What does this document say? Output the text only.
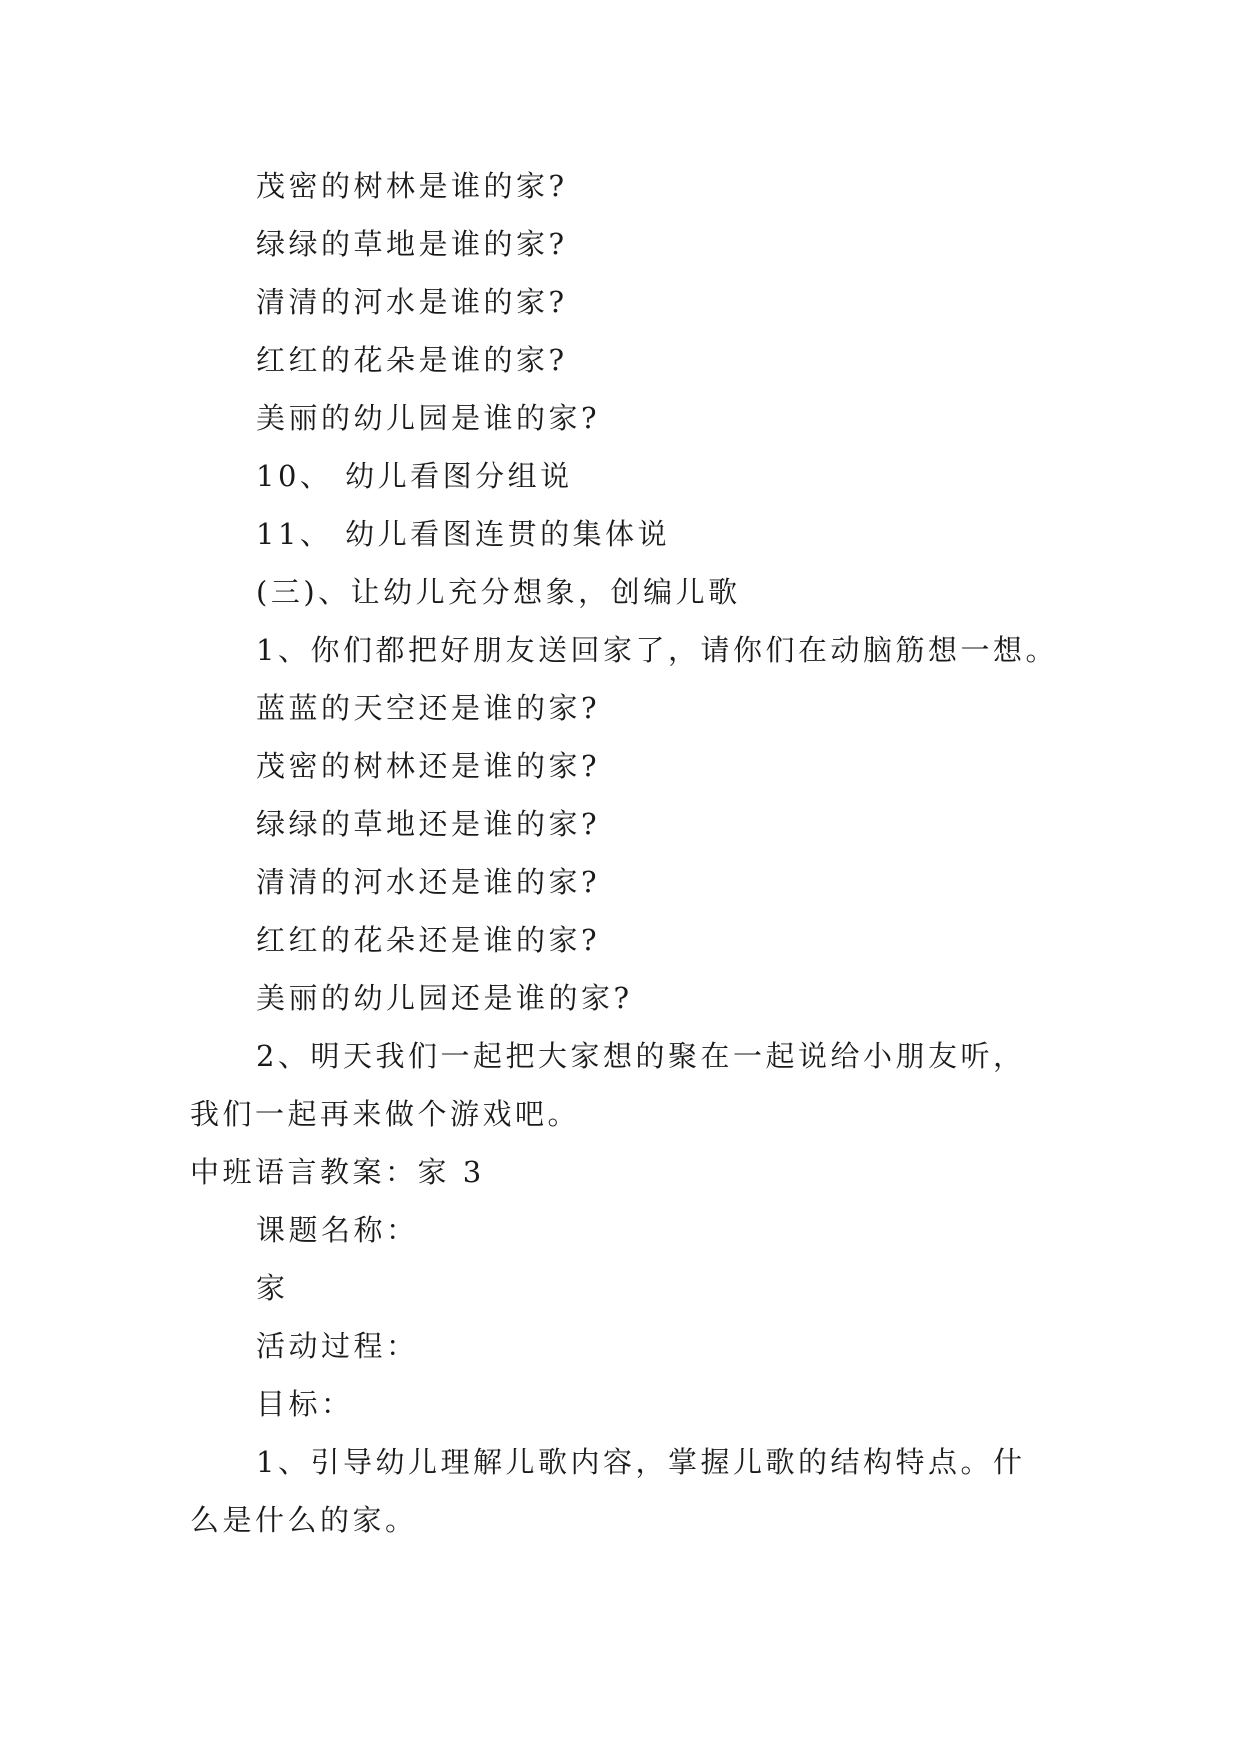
茂密的树林是谁的家?
绿绿的草地是谁的家?
清清的河水是谁的家?
红红的花朵是谁的家?
美丽的幼儿园是谁的家?
10、 幼儿看图分组说
11、 幼儿看图连贯的集体说
(三)、让幼儿充分想象，创编儿歌
1、你们都把好朋友送回家了，请你们在动脑筋想一想。
蓝蓝的天空还是谁的家?
茂密的树林还是谁的家?
绿绿的草地还是谁的家?
清清的河水还是谁的家?
红红的花朵还是谁的家?
美丽的幼儿园还是谁的家?
2、明天我们一起把大家想的聚在一起说给小朋友听，
我们一起再来做个游戏吧。
中班语言教案：家 3
课题名称：
家
活动过程：
目标：
1、引导幼儿理解儿歌内容，掌握儿歌的结构特点。什
么是什么的家。
